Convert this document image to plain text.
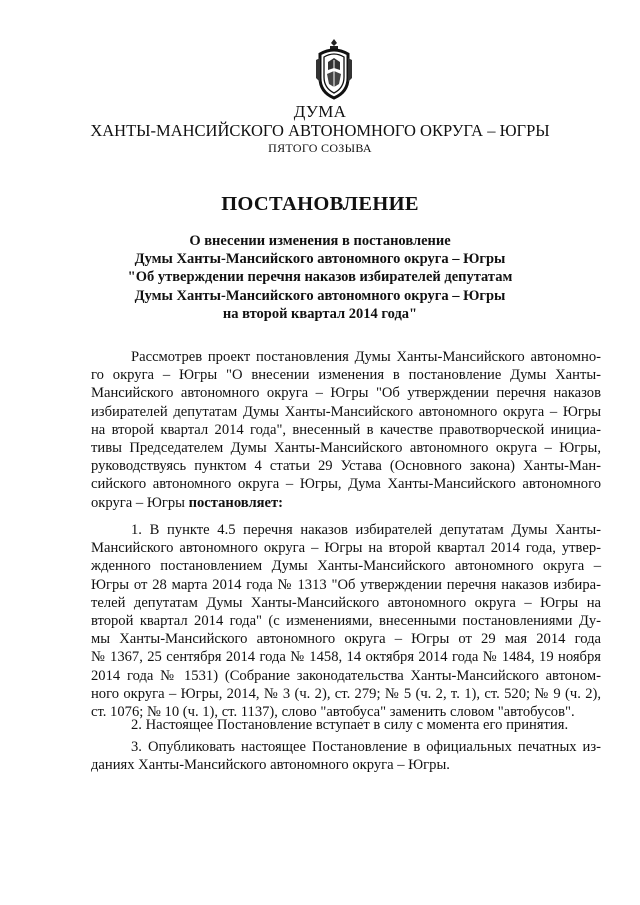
ДУМА
ХАНТЫ-МАНСИЙСКОГО АВТОНОМНОГО ОКРУГА – ЮГРЫ
ПЯТОГО СОЗЫВА
ПОСТАНОВЛЕНИЕ
О внесении изменения в постановление
Думы Ханты-Мансийского автономного округа – Югры
"Об утверждении перечня наказов избирателей депутатам
Думы Ханты-Мансийского автономного округа – Югры
на второй квартал 2014 года"
Рассмотрев проект постановления Думы Ханты-Мансийского автономно-
го округа – Югры "О внесении изменения в постановление Думы Ханты-
Мансийского автономного округа – Югры "Об утверждении перечня наказов
избирателей депутатам Думы Ханты-Мансийского автономного округа – Югры
на второй квартал 2014 года", внесенный в качестве правотворческой инициа-
тивы Председателем Думы Ханты-Мансийского автономного округа – Югры,
руководствуясь пунктом 4 статьи 29 Устава (Основного закона) Ханты-Ман-
сийского автономного округа – Югры, Дума Ханты-Мансийского автономного
округа – Югры постановляет:
1. В пункте 4.5 перечня наказов избирателей депутатам Думы Ханты-
Мансийского автономного округа – Югры на второй квартал 2014 года, утвер-
жденного постановлением Думы Ханты-Мансийского автономного округа –
Югры от 28 марта 2014 года № 1313 "Об утверждении перечня наказов избира-
телей депутатам Думы Ханты-Мансийского автономного округа – Югры на
второй квартал 2014 года" (с изменениями, внесенными постановлениями Ду-
мы Ханты-Мансийского автономного округа – Югры от 29 мая 2014 года
№ 1367, 25 сентября 2014 года № 1458, 14 октября 2014 года № 1484, 19 ноября
2014 года № 1531) (Собрание законодательства Ханты-Мансийского автоном-
ного округа – Югры, 2014, № 3 (ч. 2), ст. 279; № 5 (ч. 2, т. 1), ст. 520; № 9 (ч. 2),
ст. 1076; № 10 (ч. 1), ст. 1137), слово "автобуса" заменить словом "автобусов".
2. Настоящее Постановление вступает в силу с момента его принятия.
3. Опубликовать настоящее Постановление в официальных печатных из-
даниях Ханты-Мансийского автономного округа – Югры.
